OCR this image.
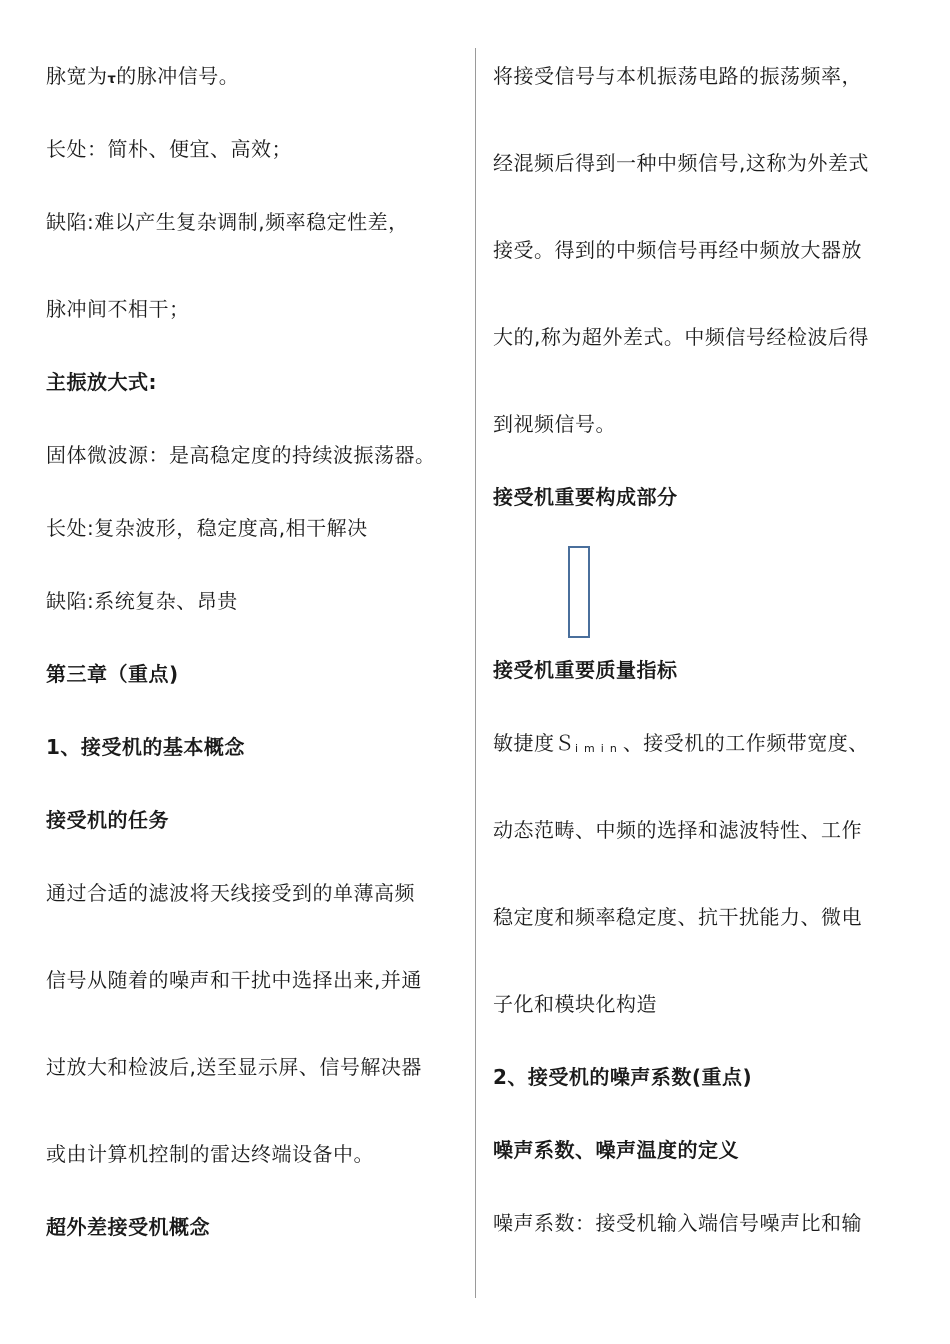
脉宽为τ的脉冲信号。
长处：简朴、便宜、高效；
缺陷:难以产生复杂调制,频率稳定性差，
脉冲间不相干；
主振放大式:
固体微波源：是高稳定度的持续波振荡器。
长处:复杂波形，稳定度高,相干解决
缺陷:系统复杂、昂贵
第三章（重点)
1、接受机的基本概念
接受机的任务
通过合适的滤波将天线接受到的单薄高频
信号从随着的噪声和干扰中选择出来,并通
过放大和检波后,送至显示屏、信号解决器
或由计算机控制的雷达终端设备中。
超外差接受机概念
将接受信号与本机振荡电路的振荡频率，
经混频后得到一种中频信号,这称为外差式
接受。得到的中频信号再经中频放大器放
大的,称为超外差式。中频信号经检波后得
到视频信号。
接受机重要构成部分
接受机重要质量指标
敏捷度Ｓimin、接受机的工作频带宽度、
动态范畴、中频的选择和滤波特性、工作
稳定度和频率稳定度、抗干扰能力、微电
子化和模块化构造
2、接受机的噪声系数(重点)
噪声系数、噪声温度的定义
噪声系数：接受机输入端信号噪声比和输
